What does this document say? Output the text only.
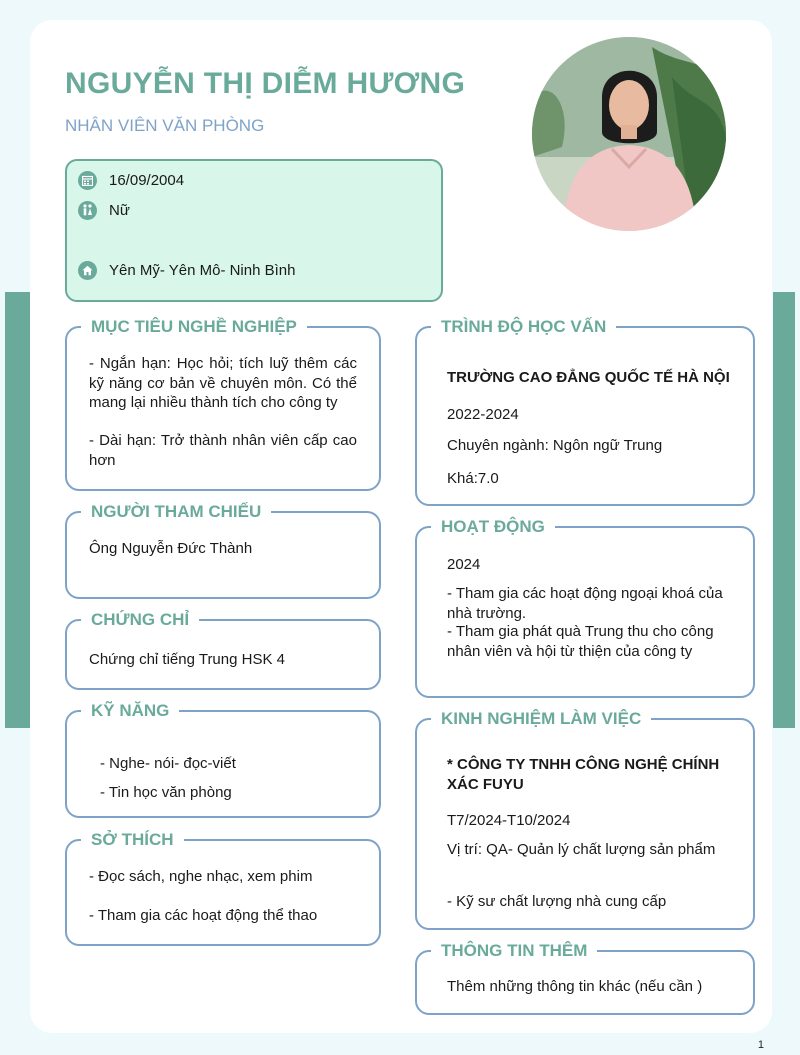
NGUYỄN THỊ DIỄM HƯƠNG
NHÂN VIÊN VĂN PHÒNG
16/09/2004
Nữ
Yên Mỹ- Yên Mô- Ninh Bình
MỤC TIÊU NGHỀ NGHIỆP
- Ngắn hạn: Học hỏi; tích luỹ thêm các kỹ năng cơ bản về chuyên môn. Có thể mang lại nhiều thành tích cho công ty
- Dài hạn: Trở thành nhân viên cấp cao hơn
NGƯỜI THAM CHIẾU
Ông Nguyễn Đức Thành
CHỨNG CHỈ
Chứng chỉ tiếng Trung HSK 4
KỸ NĂNG
- Nghe- nói- đọc-viết
- Tin học văn phòng
SỞ THÍCH
- Đọc sách, nghe nhạc, xem phim
- Tham gia các hoạt động thể thao
TRÌNH ĐỘ HỌC VẤN
TRƯỜNG CAO ĐẲNG QUỐC TẾ HÀ NỘI
2022-2024
Chuyên ngành: Ngôn ngữ Trung
Khá:7.0
HOẠT ĐỘNG
2024
- Tham gia các hoạt động ngoại khoá của nhà trường.
- Tham gia phát quà Trung thu cho công nhân viên và hội từ thiện của công ty
KINH NGHIỆM LÀM VIỆC
* CÔNG TY TNHH CÔNG NGHỆ CHÍNH XÁC FUYU
T7/2024-T10/2024
Vị trí: QA- Quản lý chất lượng sản phẩm
- Kỹ sư chất lượng nhà cung cấp
THÔNG TIN THÊM
Thêm những thông tin khác (nếu cần )
1
